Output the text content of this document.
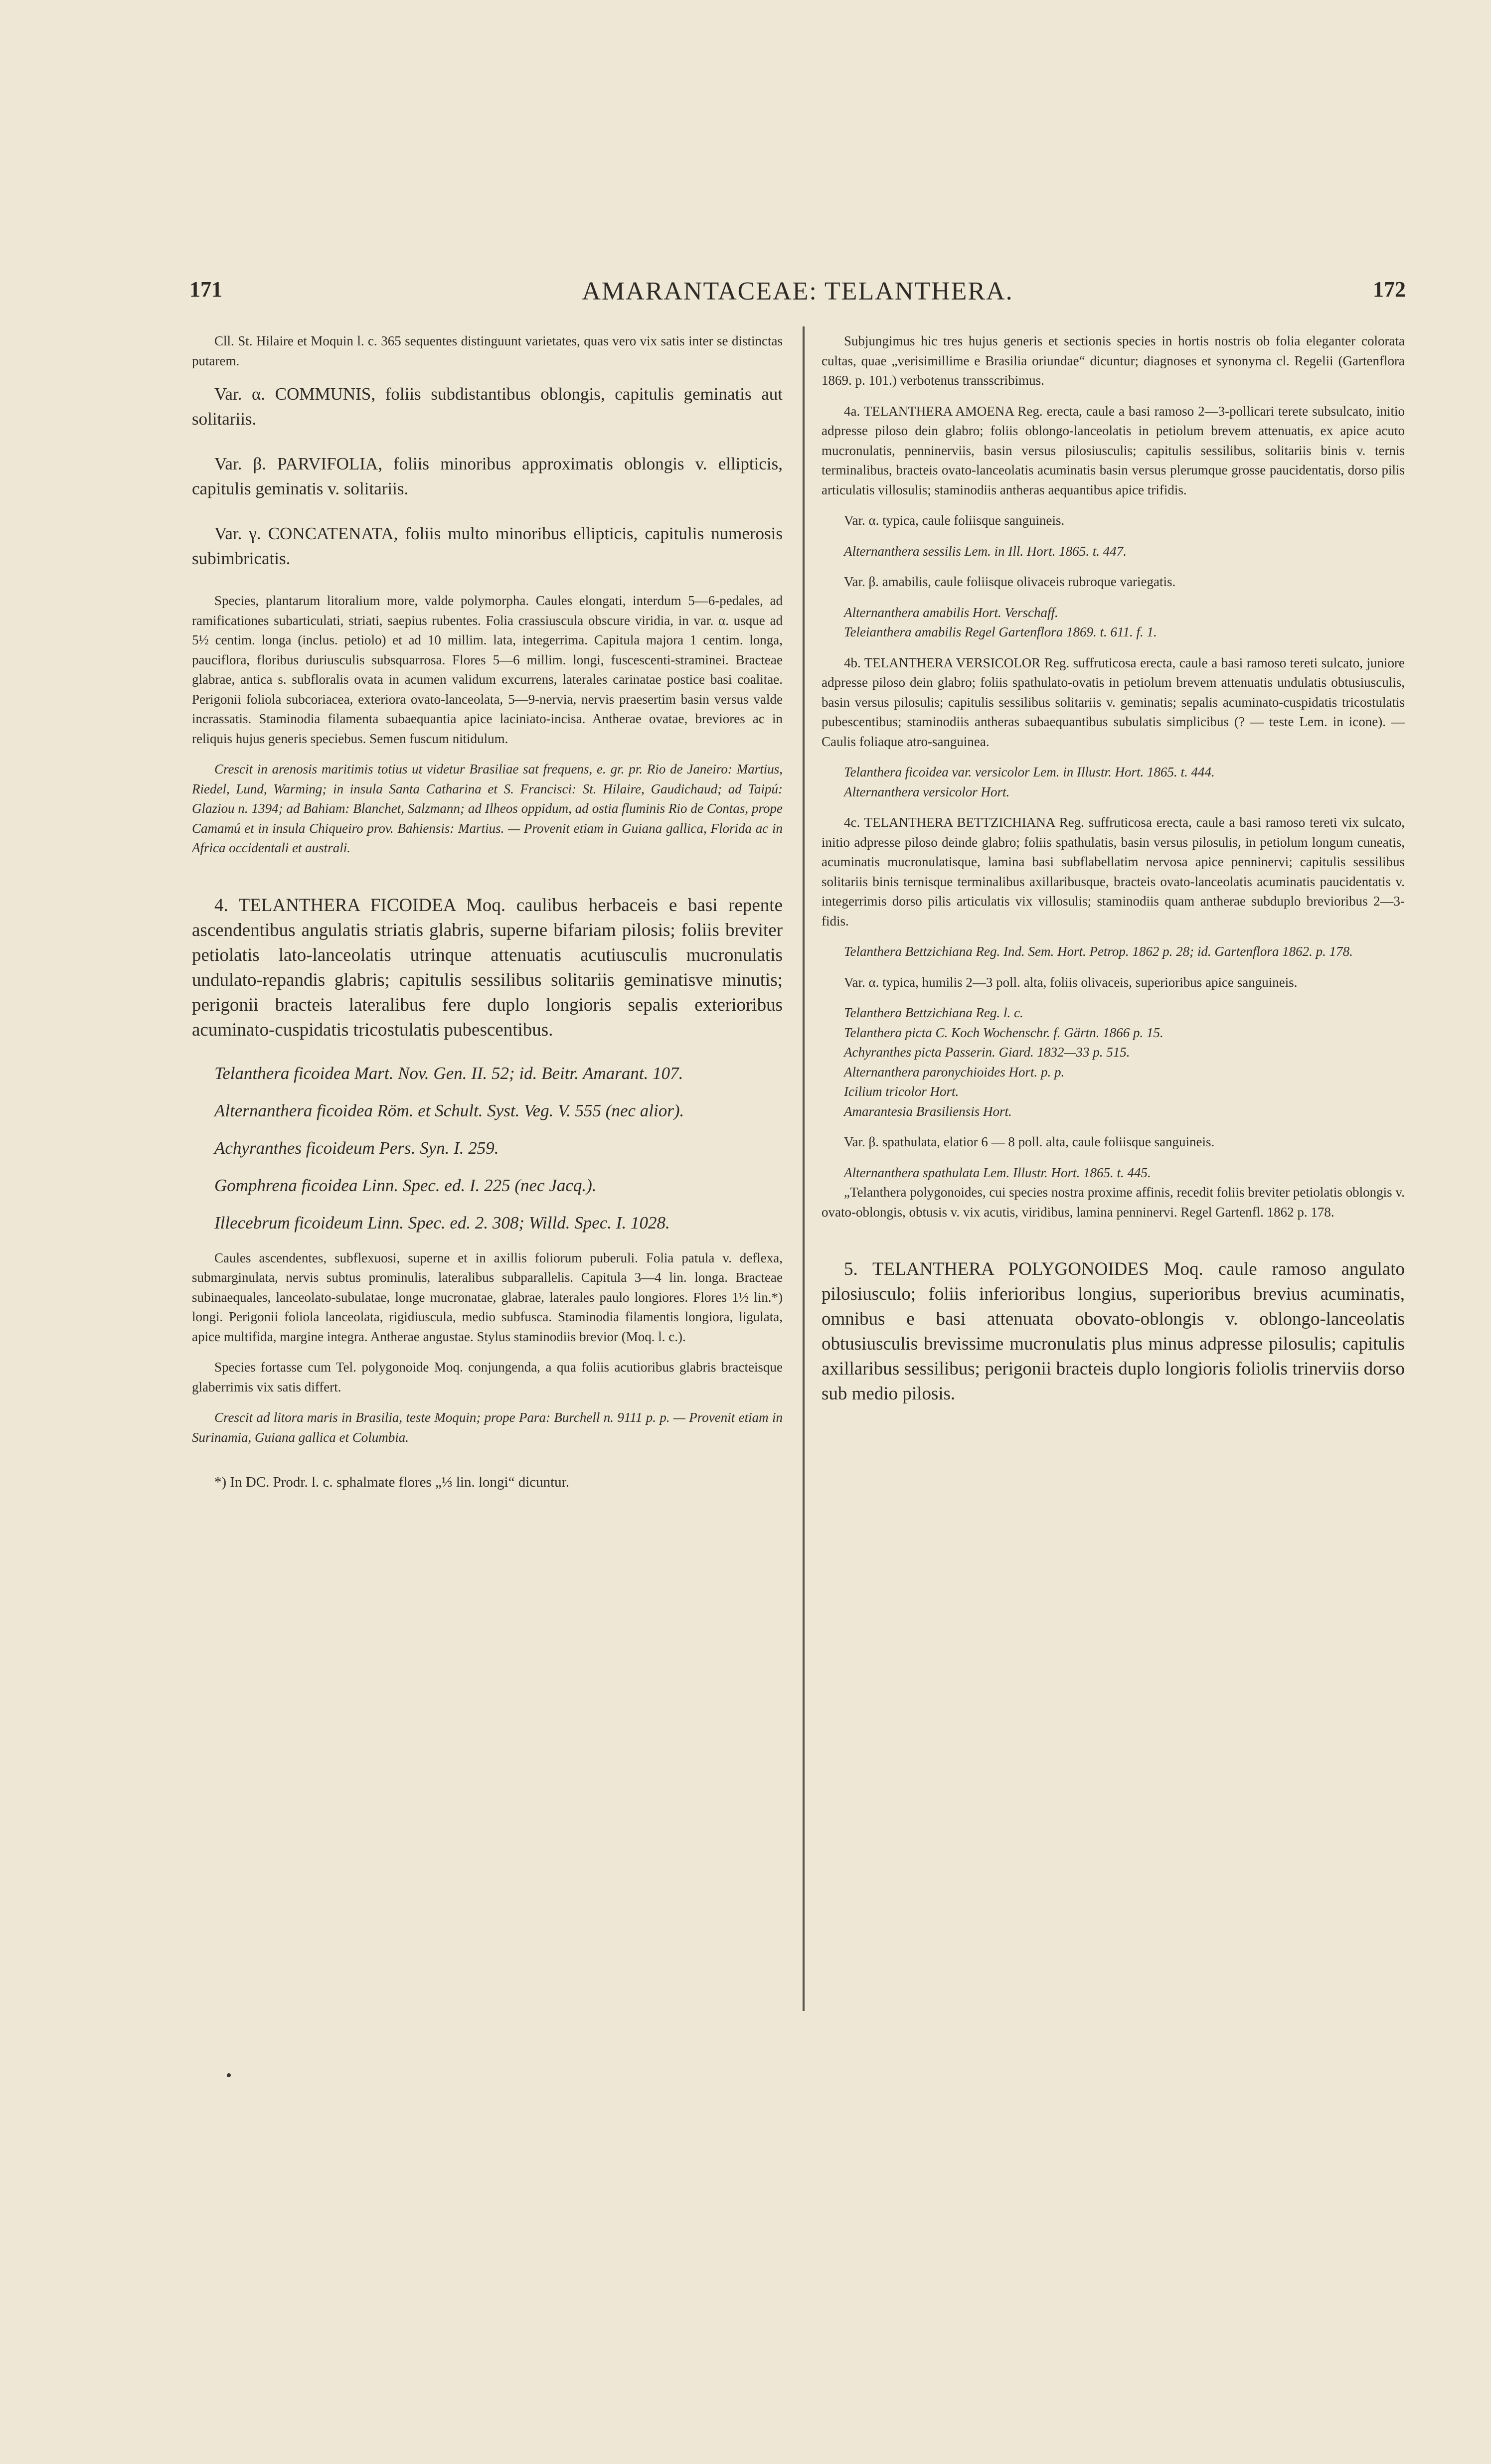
171	AMARANTACEAE: TELANTHERA.	172

Cll. St. Hilaire et Moquin l. c. 365 sequentes distinguunt varietates, quas vero vix satis inter se distinctas putarem.

Var. α. COMMUNIS, foliis subdistantibus oblongis, capitulis geminatis aut solitariis.

Var. β. PARVIFOLIA, foliis minoribus approximatis oblongis v. ellipticis, capitulis geminatis v. solitariis.

Var. γ. CONCATENATA, foliis multo minoribus ellipticis, capitulis numerosis subimbricatis.

Species, plantarum litoralium more, valde polymorpha. Caules elongati, interdum 5—6-pedales, ad ramificationes subarticulati, striati, saepius rubentes. Folia crassiuscula obscure viridia, in var. α. usque ad 5½ centim. longa (inclus. petiolo) et ad 10 millim. lata, integerrima. Capitula majora 1 centim. longa, pauciflora, floribus duriusculis subsquarrosa. Flores 5—6 millim. longi, fuscescenti-straminei. Bracteae glabrae, antica s. subfloralis ovata in acumen validum excurrens, laterales carinatae postice basi coalitae. Perigonii foliola subcoriacea, exteriora ovato-lanceolata, 5—9-nervia, nervis praesertim basin versus valde incrassatis. Staminodia filamenta subaequantia apice laciniato-incisa. Antherae ovatae, breviores ac in reliquis hujus generis speciebus. Semen fuscum nitidulum.

Crescit in arenosis maritimis totius ut videtur Brasiliae sat frequens, e. gr. pr. Rio de Janeiro: Martius, Riedel, Lund, Warming; in insula Santa Catharina et S. Francisci: St. Hilaire, Gaudichaud; ad Taipú: Glaziou n. 1394; ad Bahiam: Blanchet, Salzmann; ad Ilheos oppidum, ad ostia fluminis Rio de Contas, prope Camamú et in insula Chiqueiro prov. Bahiensis: Martius. — Provenit etiam in Guiana gallica, Florida ac in Africa occidentali et australi.

4. TELANTHERA FICOIDEA Moq. caulibus herbaceis e basi repente ascendentibus angulatis striatis glabris, superne bifariam pilosis; foliis breviter petiolatis lato-lanceolatis utrinque attenuatis acutiusculis mucronulatis undulato-repandis glabris; capitulis sessilibus solitariis geminatisve minutis; perigonii bracteis lateralibus fere duplo longioris sepalis exterioribus acuminato-cuspidatis tricostulatis pubescentibus.

Telanthera ficoidea Mart. Nov. Gen. II. 52; id. Beitr. Amarant. 107.

Alternanthera ficoidea Röm. et Schult. Syst. Veg. V. 555 (nec alior).

Achyranthes ficoideum Pers. Syn. I. 259.

Gomphrena ficoidea Linn. Spec. ed. I. 225 (nec Jacq.).

Illecebrum ficoideum Linn. Spec. ed. 2. 308; Willd. Spec. I. 1028.

Caules ascendentes, subflexuosi, superne et in axillis foliorum puberuli. Folia patula v. deflexa, submarginulata, nervis subtus prominulis, lateralibus subparallelis. Capitula 3—4 lin. longa. Bracteae subinaequales, lanceolato-subulatae, longe mucronatae, glabrae, laterales paulo longiores. Flores 1½ lin.*) longi. Perigonii foliola lanceolata, rigidiuscula, medio subfusca. Staminodia filamentis longiora, ligulata, apice multifida, margine integra. Antherae angustae. Stylus staminodiis brevior (Moq. l. c.).

Species fortasse cum Tel. polygonoide Moq. conjungenda, a qua foliis acutioribus glabris bracteisque glaberrimis vix satis differt.

Crescit ad litora maris in Brasilia, teste Moquin; prope Para: Burchell n. 9111 p. p. — Provenit etiam in Surinamia, Guiana gallica et Columbia.

*) In DC. Prodr. l. c. sphalmate flores „⅓ lin. longi“ dicuntur.

Subjungimus hic tres hujus generis et sectionis species in hortis nostris ob folia eleganter colorata cultas, quae „verisimillime e Brasilia oriundae“ dicuntur; diagnoses et synonyma cl. Regelii (Gartenflora 1869. p. 101.) verbotenus transscribimus.

4a. TELANTHERA AMOENA Reg. erecta, caule a basi ramoso 2—3-pollicari terete subsulcato, initio adpresse piloso dein glabro; foliis oblongo-lanceolatis in petiolum brevem attenuatis, ex apice acuto mucronulatis, penninerviis, basin versus pilosiusculis; capitulis sessilibus, solitariis binis v. ternis terminalibus, bracteis ovato-lanceolatis acuminatis basin versus plerumque grosse paucidentatis, dorso pilis articulatis villosulis; staminodiis antheras aequantibus apice trifidis.

Var. α. typica, caule foliisque sanguineis.

Alternanthera sessilis Lem. in Ill. Hort. 1865. t. 447.

Var. β. amabilis, caule foliisque olivaceis rubroque variegatis.

Alternanthera amabilis Hort. Verschaff.

Teleianthera amabilis Regel Gartenflora 1869. t. 611. f. 1.

4b. TELANTHERA VERSICOLOR Reg. suffruticosa erecta, caule a basi ramoso tereti sulcato, juniore adpresse piloso dein glabro; foliis spathulato-ovatis in petiolum brevem attenuatis undulatis obtusiusculis, basin versus pilosulis; capitulis sessilibus solitariis v. geminatis; sepalis acuminato-cuspidatis tricostulatis pubescentibus; staminodiis antheras subaequantibus subulatis simplicibus (? — teste Lem. in icone). — Caulis foliaque atro-sanguinea.

Telanthera ficoidea var. versicolor Lem. in Illustr. Hort. 1865. t. 444.

Alternanthera versicolor Hort.

4c. TELANTHERA BETTZICHIANA Reg. suffruticosa erecta, caule a basi ramoso tereti vix sulcato, initio adpresse piloso deinde glabro; foliis spathulatis, basin versus pilosulis, in petiolum longum cuneatis, acuminatis mucronulatisque, lamina basi subflabellatim nervosa apice penninervi; capitulis sessilibus solitariis binis ternisque terminalibus axillaribusque, bracteis ovato-lanceolatis acuminatis paucidentatis v. integerrimis dorso pilis articulatis vix villosulis; staminodiis quam antherae subduplo brevioribus 2—3-fidis.

Telanthera Bettzichiana Reg. Ind. Sem. Hort. Petrop. 1862 p. 28; id. Gartenflora 1862. p. 178.

Var. α. typica, humilis 2—3 poll. alta, foliis olivaceis, superioribus apice sanguineis.

Telanthera Bettzichiana Reg. l. c.

Telanthera picta C. Koch Wochenschr. f. Gärtn. 1866 p. 15.

Achyranthes picta Passerin. Giard. 1832—33 p. 515.

Alternanthera paronychioides Hort. p. p.

Icilium tricolor Hort.

Amarantesia Brasiliensis Hort.

Var. β. spathulata, elatior 6 — 8 poll. alta, caule foliisque sanguineis.

Alternanthera spathulata Lem. Illustr. Hort. 1865. t. 445.

„Telanthera polygonoides, cui species nostra proxime affinis, recedit foliis breviter petiolatis oblongis v. ovato-oblongis, obtusis v. vix acutis, viridibus, lamina penninervi. Regel Gartenfl. 1862 p. 178.

5. TELANTHERA POLYGONOIDES Moq. caule ramoso angulato pilosiusculo; foliis inferioribus longius, superioribus brevius acuminatis, omnibus e basi attenuata obovato-oblongis v. oblongo-lanceolatis obtusiusculis brevissime mucronulatis plus minus adpresse pilosulis; capitulis axillaribus sessilibus; perigonii bracteis duplo longioris foliolis trinerviis dorso sub medio pilosis.
